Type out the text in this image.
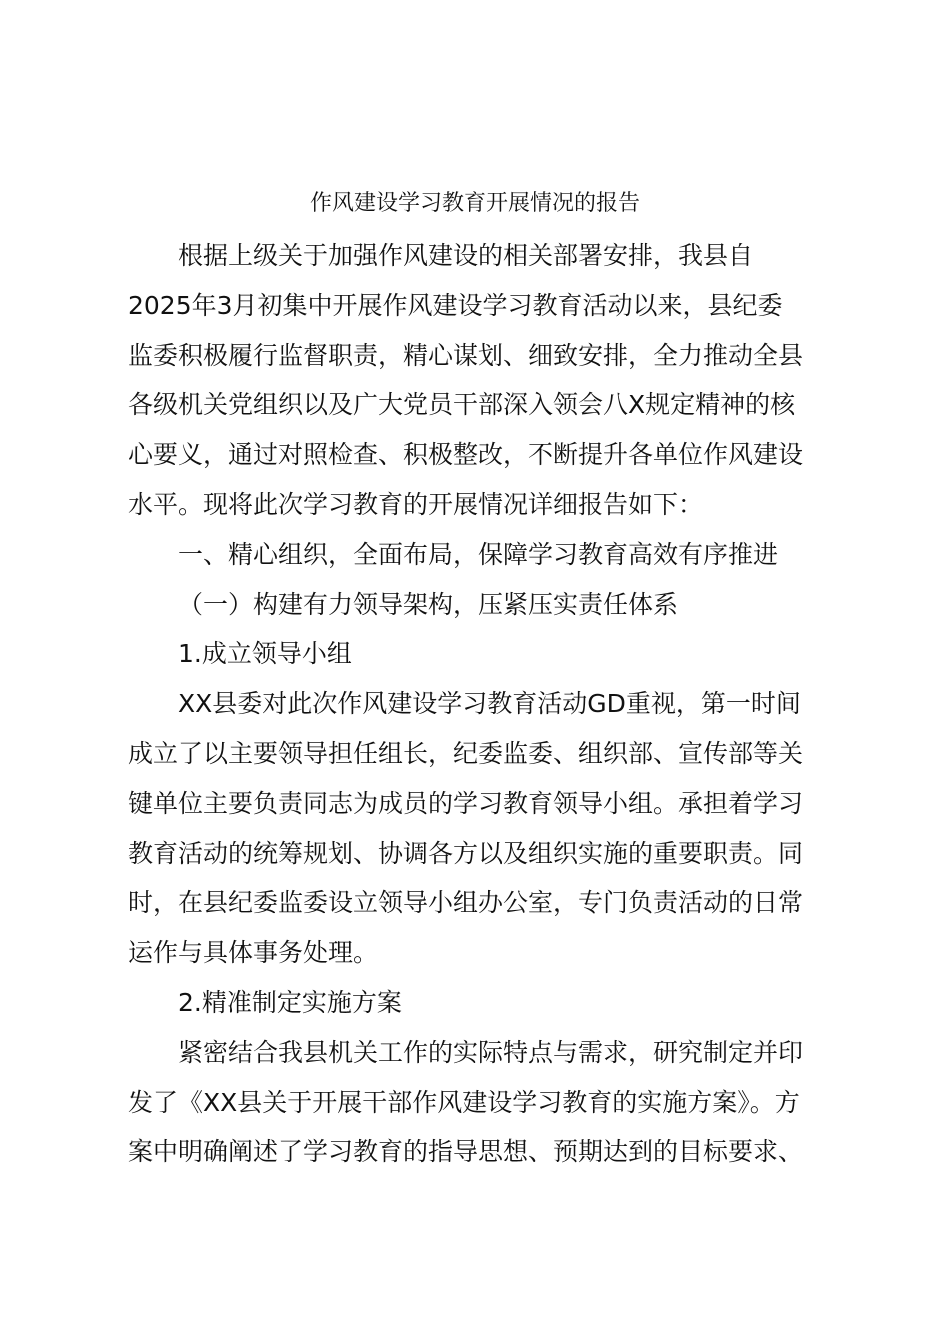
作风建设学习教育开展情况的报告
根据上级关于加强作风建设的相关部署安排，我县自
2025年3月初集中开展作风建设学习教育活动以来，县纪委
监委积极履行监督职责，精心谋划、细致安排，全力推动全县
各级机关党组织以及广大党员干部深入领会八X规定精神的核
心要义，通过对照检查、积极整改，不断提升各单位作风建设
水平。现将此次学习教育的开展情况详细报告如下：
一、精心组织，全面布局，保障学习教育高效有序推进
（一）构建有力领导架构，压紧压实责任体系
1.成立领导小组
XX县委对此次作风建设学习教育活动GD重视，第一时间
成立了以主要领导担任组长，纪委监委、组织部、宣传部等关
键单位主要负责同志为成员的学习教育领导小组。承担着学习
教育活动的统筹规划、协调各方以及组织实施的重要职责。同
时，在县纪委监委设立领导小组办公室，专门负责活动的日常
运作与具体事务处理。
2.精准制定实施方案
紧密结合我县机关工作的实际特点与需求，研究制定并印
发了《XX县关于开展干部作风建设学习教育的实施方案》。方
案中明确阐述了学习教育的指导思想、预期达到的目标要求、
